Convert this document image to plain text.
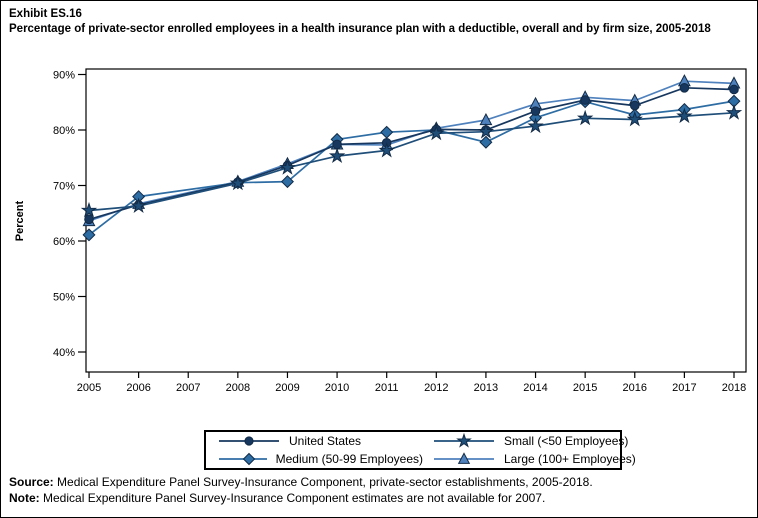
Exhibit ES.16
Percentage of private-sector enrolled employees in a health insurance plan with a deductible, overall and by firm size, 2005-2018
Percent
40%
50%
60%
70%
80%
90%
2005 2006 2007 2008 2009 2010 2011 2012 2013 2014 2015 2016 2017 2018
United States	Small (<50 Employees)
Medium (50-99 Employees)	Large (100+ Employees)
Source: Medical Expenditure Panel Survey-Insurance Component, private-sector establishments, 2005-2018.
Note: Medical Expenditure Panel Survey-Insurance Component estimates are not available for 2007.
